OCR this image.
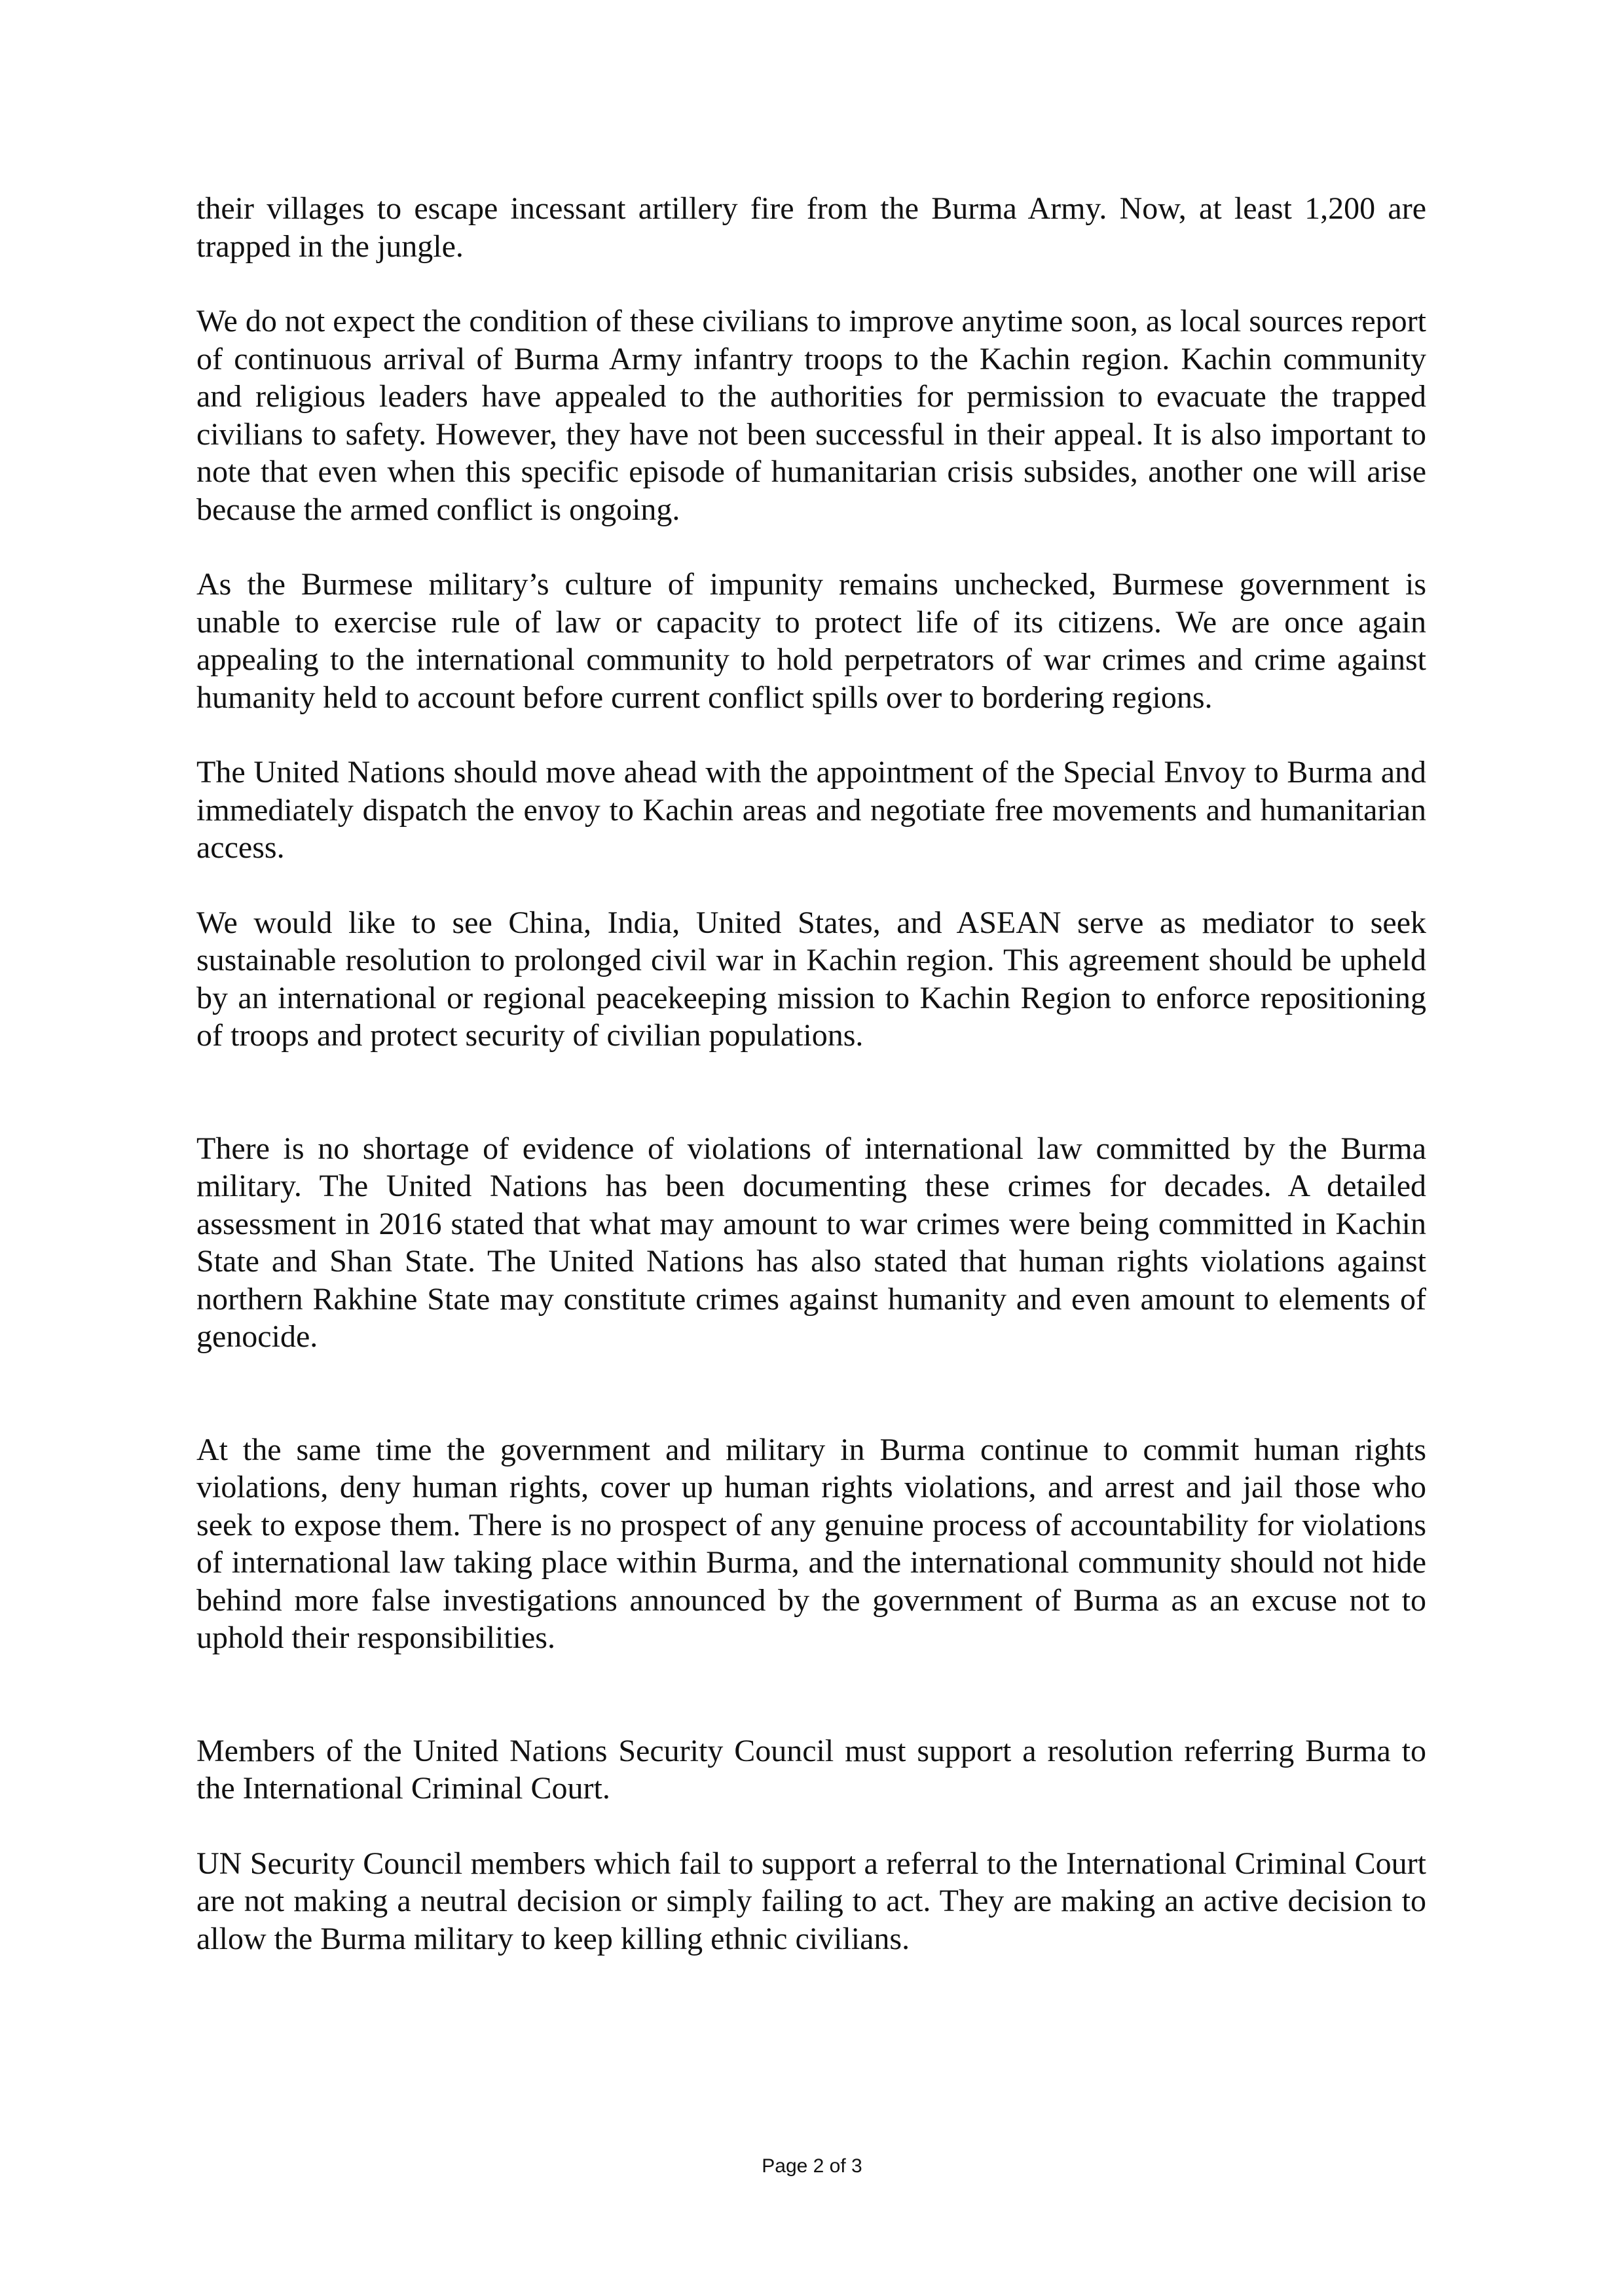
their villages to escape incessant artillery fire from the Burma Army. Now, at least 1,200 are trapped in the jungle.

We do not expect the condition of these civilians to improve anytime soon, as local sources report of continuous arrival of Burma Army infantry troops to the Kachin region. Kachin community and religious leaders have appealed to the authorities for permission to evacuate the trapped civilians to safety. However, they have not been successful in their appeal. It is also important to note that even when this specific episode of humanitarian crisis subsides, another one will arise because the armed conflict is ongoing.

As the Burmese military’s culture of impunity remains unchecked, Burmese government is unable to exercise rule of law or capacity to protect life of its citizens. We are once again appealing to the international community to hold perpetrators of war crimes and crime against humanity held to account before current conflict spills over to bordering regions.

The United Nations should move ahead with the appointment of the Special Envoy to Burma and immediately dispatch the envoy to Kachin areas and negotiate free movements and humanitarian access.

We would like to see China, India, United States, and ASEAN serve as mediator to seek sustainable resolution to prolonged civil war in Kachin region. This agreement should be upheld by an international or regional peacekeeping mission to Kachin Region to enforce repositioning of troops and protect security of civilian populations.

There is no shortage of evidence of violations of international law committed by the Burma military. The United Nations has been documenting these crimes for decades. A detailed assessment in 2016 stated that what may amount to war crimes were being committed in Kachin State and Shan State. The United Nations has also stated that human rights violations against northern Rakhine State may constitute crimes against humanity and even amount to elements of genocide.

At the same time the government and military in Burma continue to commit human rights violations, deny human rights, cover up human rights violations, and arrest and jail those who seek to expose them. There is no prospect of any genuine process of accountability for violations of international law taking place within Burma, and the international community should not hide behind more false investigations announced by the government of Burma as an excuse not to uphold their responsibilities.

Members of the United Nations Security Council must support a resolution referring Burma to the International Criminal Court.

UN Security Council members which fail to support a referral to the International Criminal Court are not making a neutral decision or simply failing to act. They are making an active decision to allow the Burma military to keep killing ethnic civilians.

Page 2 of 3
